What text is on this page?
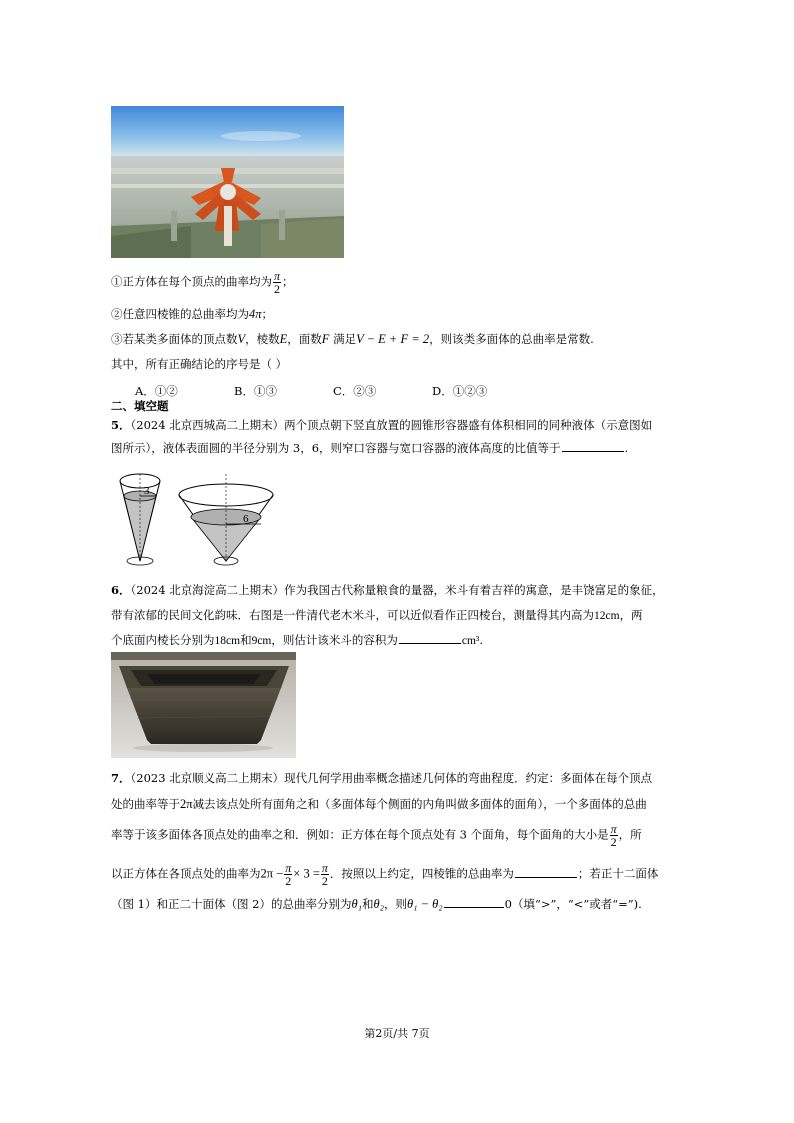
①正方体在每个顶点的曲率均为 $\frac{\pi}{2}$ ；
②任意四棱锥的总曲率均为4π；
③若某类多面体的顶点数V，棱数E，面数F 满足V − E + F = 2，则该类多面体的总曲率是常数.
其中，所有正确结论的序号是（ ）
A．①②	B．①③	C．②③	D．①②③
二、填空题
5．（2024 北京西城高二上期末）两个顶点朝下竖直放置的圆锥形容器盛有体积相同的同种液体（示意图如
图所示），液体表面圆的半径分别为 3，6，则窄口容器与宽口容器的液体高度的比值等于	.
3
6
6．（2024 北京海淀高二上期末）作为我国古代称量粮食的量器，米斗有着吉祥的寓意，是丰饶富足的象征，
带有浓郁的民间文化韵味．右图是一件清代老木米斗，可以近似看作正四棱台，测量得其内高为12cm，两
个底面内棱长分别为18cm和9cm，则估计该米斗的容积为	cm³.
7．（2023 北京顺义高二上期末）现代几何学用曲率概念描述几何体的弯曲程度．约定：多面体在每个顶点
处的曲率等于2π减去该点处所有面角之和（多面体每个侧面的内角叫做多面体的面角），一个多面体的总曲
率等于该多面体各顶点处的曲率之和．例如：正方体在每个顶点处有 3 个面角，每个面角的大小是 $\frac{\pi}{2}$ ，所
以正方体在各顶点处的曲率为$2\pi - \frac{\pi}{2} \times 3 = \frac{\pi}{2}$ ．按照以上约定，四棱锥的总曲率为	；若正十二面体
（图 1）和正二十面体（图 2）的总曲率分别为θ₁和θ₂，则θ₁ − θ₂	0（填“>”，“<”或者“=”).
第2页/共 7页
